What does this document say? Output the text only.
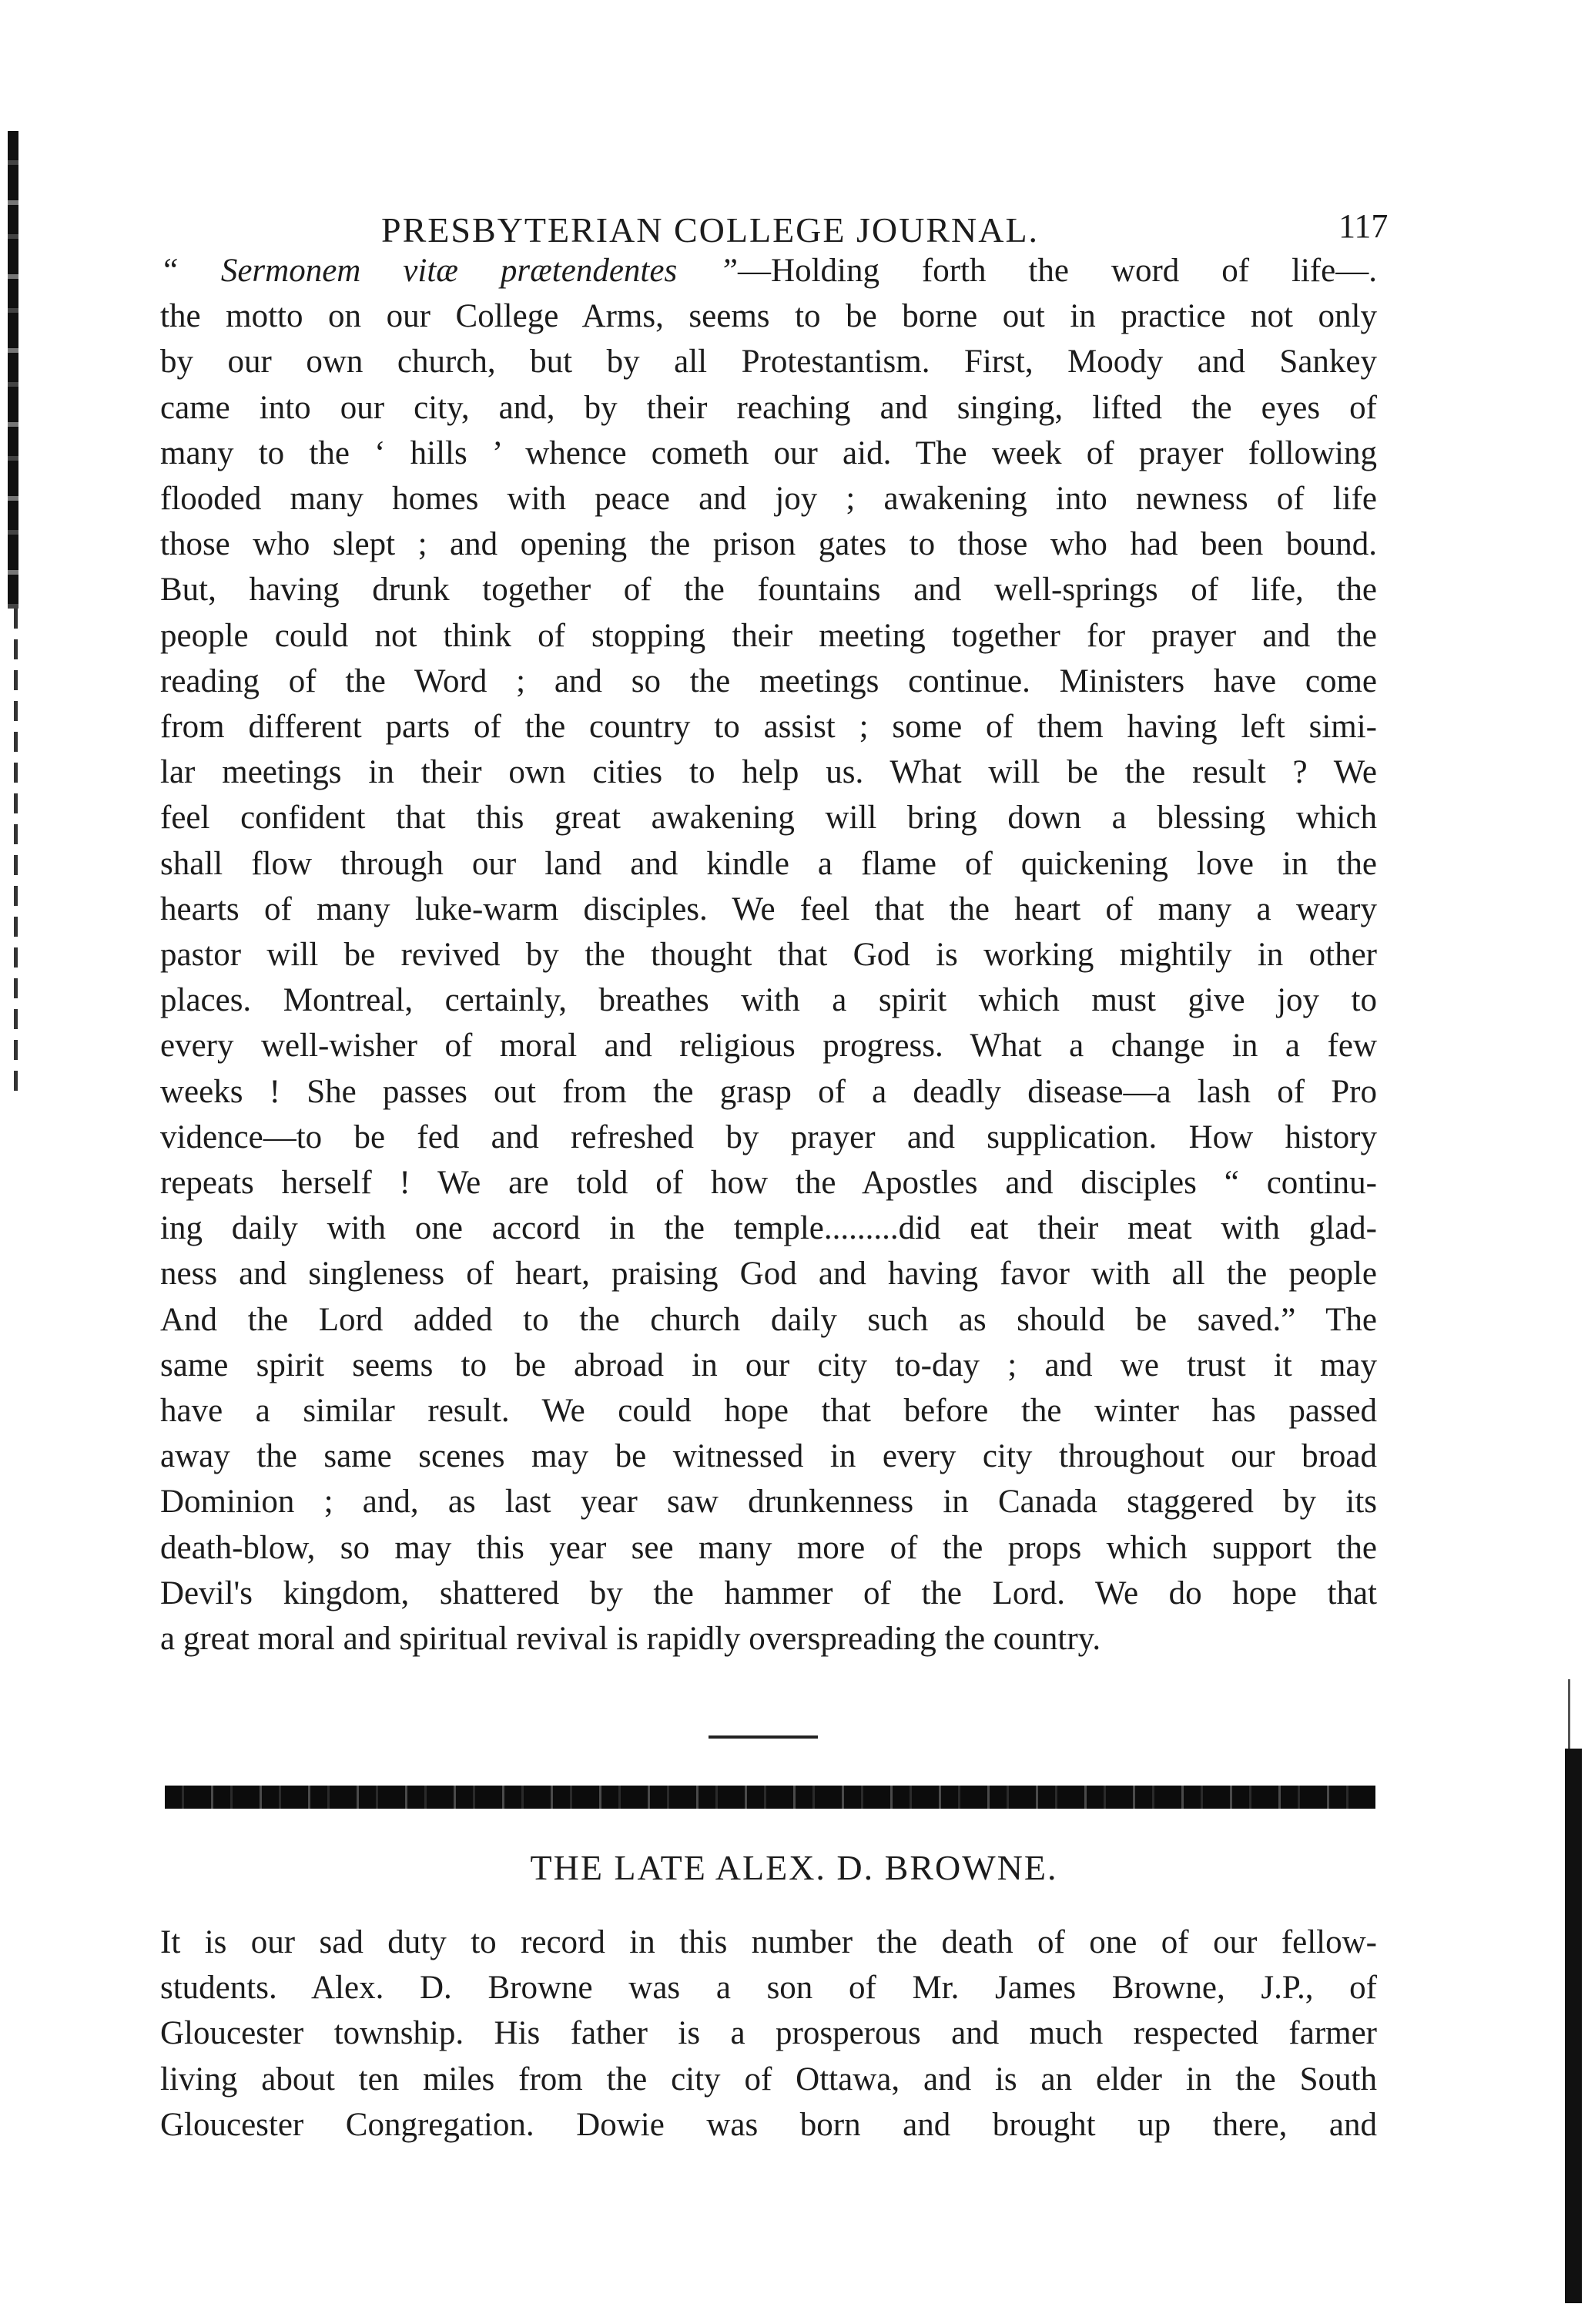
PRESBYTERIAN COLLEGE JOURNAL.	117
“ Sermonem vitæ prætendentes ”—Holding forth the word of life—.
the motto on our College Arms, seems to be borne out in practice not only
by our own church, but by all Protestantism. First, Moody and Sankey
came into our city, and, by their reaching and singing, lifted the eyes of
many to the ‘ hills ’ whence cometh our aid. The week of prayer following
flooded many homes with peace and joy ; awakening into newness of life
those who slept ; and opening the prison gates to those who had been bound.
But, having drunk together of the fountains and well-springs of life, the
people could not think of stopping their meeting together for prayer and the
reading of the Word ; and so the meetings continue. Ministers have come
from different parts of the country to assist ; some of them having left simi-
lar meetings in their own cities to help us. What will be the result ? We
feel confident that this great awakening will bring down a blessing which
shall flow through our land and kindle a flame of quickening love in the
hearts of many luke-warm disciples. We feel that the heart of many a weary
pastor will be revived by the thought that God is working mightily in other
places. Montreal, certainly, breathes with a spirit which must give joy to
every well-wisher of moral and religious progress. What a change in a few
weeks ! She passes out from the grasp of a deadly disease—a lash of Pro
vidence—to be fed and refreshed by prayer and supplication. How history
repeats herself ! We are told of how the Apostles and disciples “ continu-
ing daily with one accord in the temple.........did eat their meat with glad-
ness and singleness of heart, praising God and having favor with all the people
And the Lord added to the church daily such as should be saved.” The
same spirit seems to be abroad in our city to-day ; and we trust it may
have a similar result. We could hope that before the winter has passed
away the same scenes may be witnessed in every city throughout our broad
Dominion ; and, as last year saw drunkenness in Canada staggered by its
death-blow, so may this year see many more of the props which support the
Devil's kingdom, shattered by the hammer of the Lord. We do hope that
a great moral and spiritual revival is rapidly overspreading the country.
THE LATE ALEX. D. BROWNE.
It is our sad duty to record in this number the death of one of our fellow-
students. Alex. D. Browne was a son of Mr. James Browne, J.P., of
Gloucester township. His father is a prosperous and much respected farmer
living about ten miles from the city of Ottawa, and is an elder in the South
Gloucester Congregation. Dowie was born and brought up there, and
